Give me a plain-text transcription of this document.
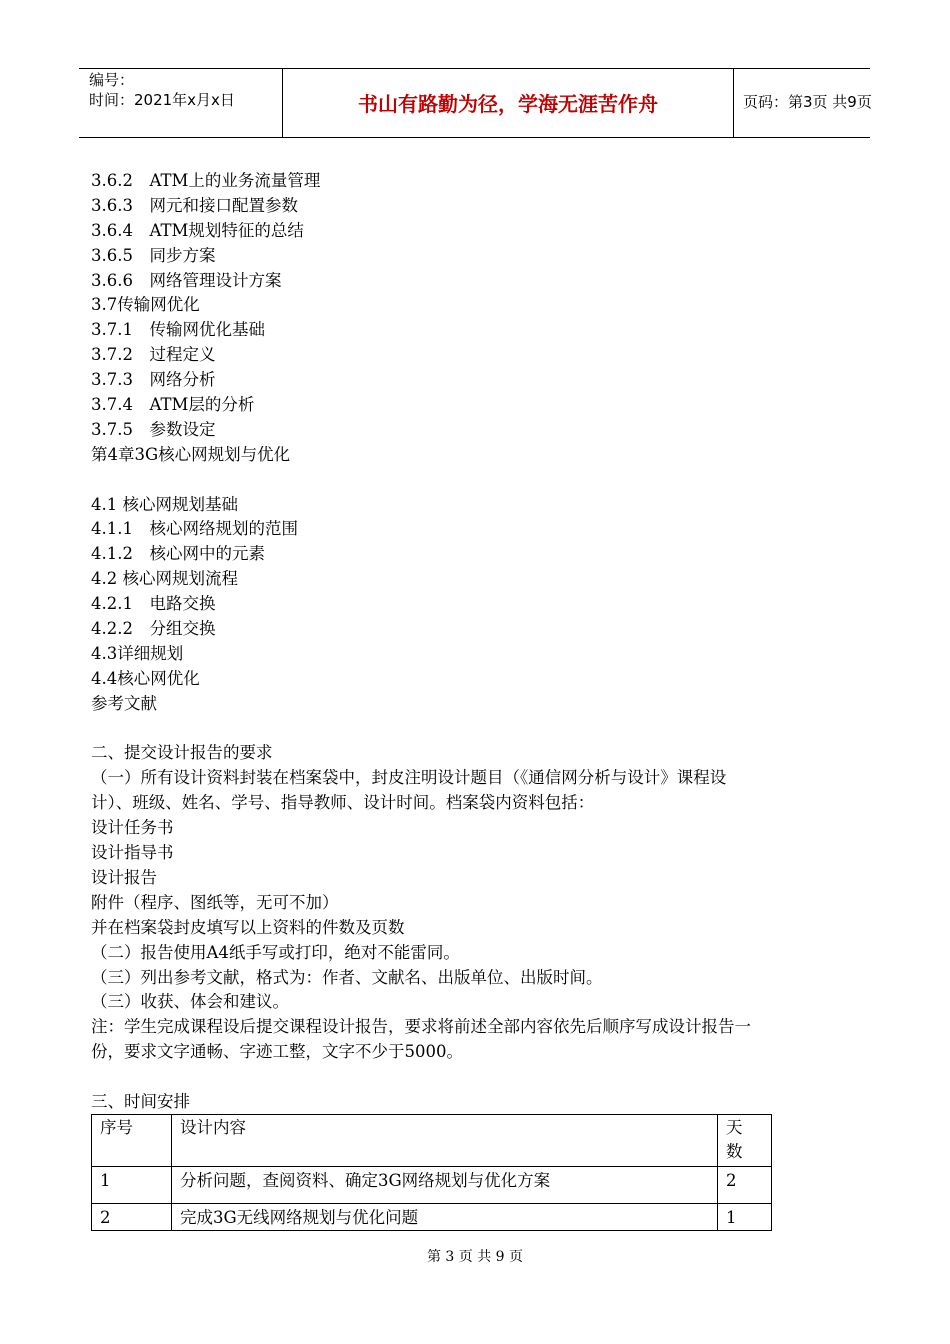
编号：
时间：2021年x月x日	书山有路勤为径，学海无涯苦作舟	页码：第3页 共9页
3.6.2　ATM上的业务流量管理
3.6.3　网元和接口配置参数
3.6.4　ATM规划特征的总结
3.6.5　同步方案
3.6.6　网络管理设计方案
3.7传输网优化
3.7.1　传输网优化基础
3.7.2　过程定义
3.7.3　网络分析
3.7.4　ATM层的分析
3.7.5　参数设定
第4章3G核心网规划与优化
4.1 核心网规划基础
4.1.1　核心网络规划的范围
4.1.2　核心网中的元素
4.2 核心网规划流程
4.2.1　电路交换
4.2.2　分组交换
4.3详细规划
4.4核心网优化
参考文献
二、提交设计报告的要求
（一）所有设计资料封装在档案袋中，封皮注明设计题目（《通信网分析与设计》课程设
计）、班级、姓名、学号、指导教师、设计时间。档案袋内资料包括：
设计任务书
设计指导书
设计报告
附件（程序、图纸等，无可不加）
并在档案袋封皮填写以上资料的件数及页数
（二）报告使用A4纸手写或打印，绝对不能雷同。
（三）列出参考文献，格式为：作者、文献名、出版单位、出版时间。
（三）收获、体会和建议。
注：学生完成课程设后提交课程设计报告，要求将前述全部内容依先后顺序写成设计报告一
份，要求文字通畅、字迹工整，文字不少于5000。
三、时间安排
序号	设计内容	天数

1	分析问题，查阅资料、确定3G网络规划与优化方案	2
2	完成3G无线网络规划与优化问题	1
第 3 页 共 9 页
